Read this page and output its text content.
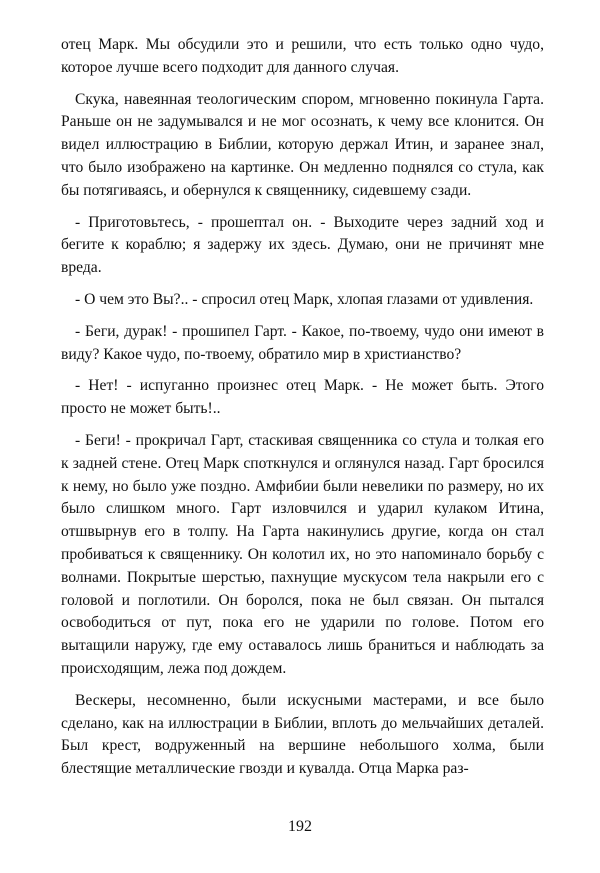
отец Марк. Мы обсудили это и решили, что есть только одно чудо, которое лучше всего подходит для данного случая.

Скука, навеянная теологическим спором, мгновенно покинула Гарта. Раньше он не задумывался и не мог осознать, к чему все клонится. Он видел иллюстрацию в Библии, которую держал Итин, и заранее знал, что было изображено на картинке. Он медленно поднялся со стула, как бы потягиваясь, и обернулся к священнику, сидевшему сзади.

- Приготовьтесь, - прошептал он. - Выходите через задний ход и бегите к кораблю; я задержу их здесь. Думаю, они не причинят мне вреда.

- О чем это Вы?.. - спросил отец Марк, хлопая глазами от удивления.

- Беги, дурак! - прошипел Гарт. - Какое, по-твоему, чудо они имеют в виду? Какое чудо, по-твоему, обратило мир в христианство?

- Нет! - испуганно произнес отец Марк. - Не может быть. Этого просто не может быть!..

- Беги! - прокричал Гарт, стаскивая священника со стула и толкая его к задней стене. Отец Марк споткнулся и оглянулся назад. Гарт бросился к нему, но было уже поздно. Амфибии были невелики по размеру, но их было слишком много. Гарт изловчился и ударил кулаком Итина, отшвырнув его в толпу. На Гарта накинулись другие, когда он стал пробиваться к священнику. Он колотил их, но это напоминало борьбу с волнами. Покрытые шерстью, пахнущие мускусом тела накрыли его с головой и поглотили. Он боролся, пока не был связан. Он пытался освободиться от пут, пока его не ударили по голове. Потом его вытащили наружу, где ему оставалось лишь браниться и наблюдать за происходящим, лежа под дождем.

Вескеры, несомненно, были искусными мастерами, и все было сделано, как на иллюстрации в Библии, вплоть до мельчайших деталей. Был крест, водруженный на вершине небольшого холма, были блестящие металлические гвозди и кувалда. Отца Марка раз-

192
